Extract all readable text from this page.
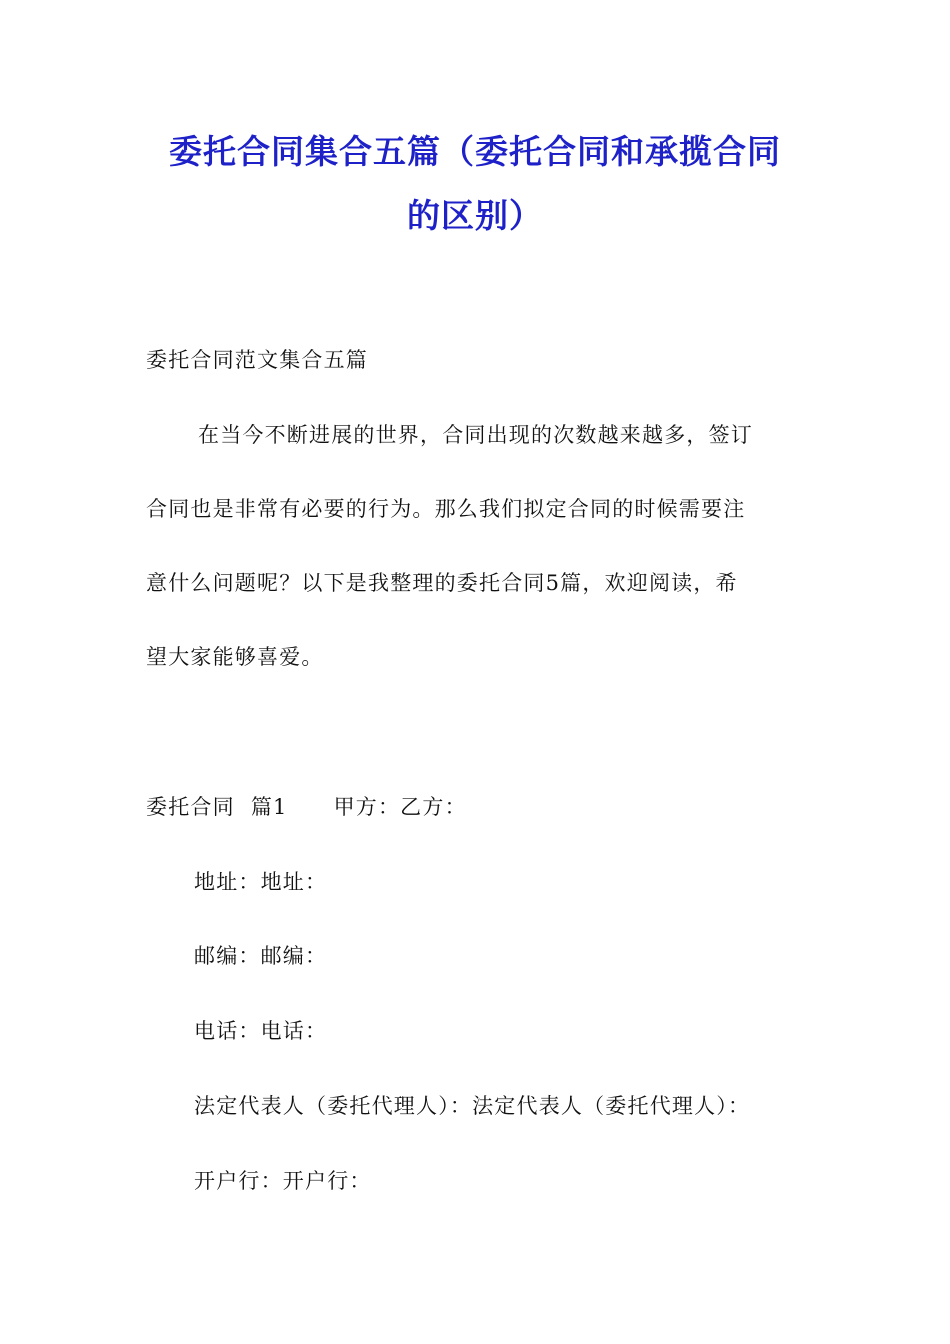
委托合同集合五篇（委托合同和承揽合同
的区别）
委托合同范文集合五篇
在当今不断进展的世界，合同出现的次数越来越多，签订
合同也是非常有必要的行为。那么我们拟定合同的时候需要注
意什么问题呢？以下是我整理的委托合同5篇，欢迎阅读，希
望大家能够喜爱。
委托合同 篇1 甲方：乙方：
地址：地址：
邮编：邮编：
电话：电话：
法定代表人（委托代理人）：法定代表人（委托代理人）：
开户行：开户行：
